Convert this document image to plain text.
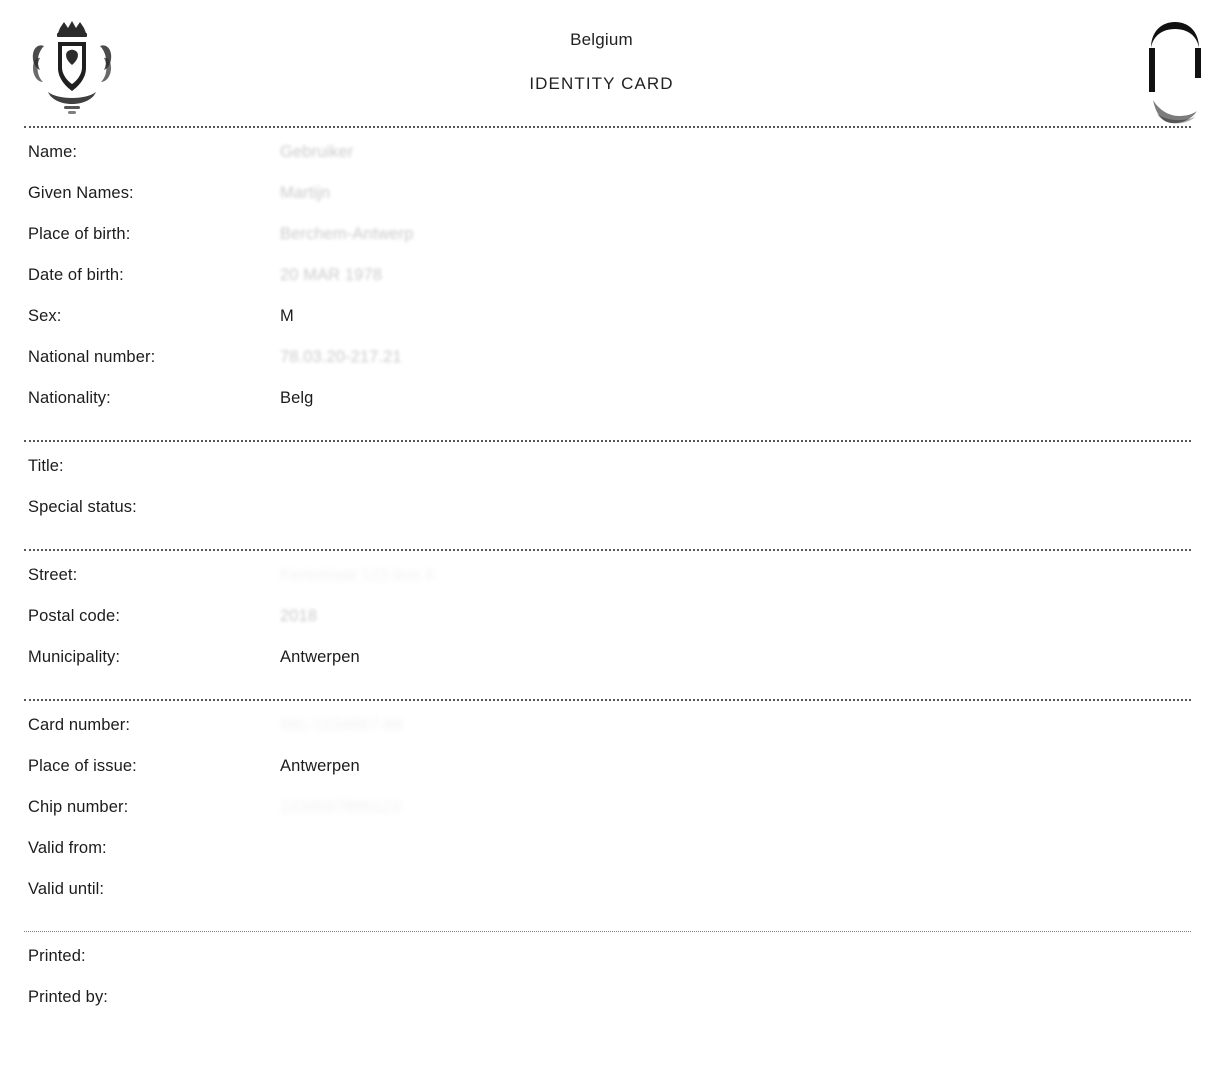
Belgium
IDENTITY CARD
Name:	Gebruiker
Given Names:	Martijn
Place of birth:	Berchem-Antwerp
Date of birth:	20 MAR 1978
Sex:	M
National number:	78.03.20-217.21
Nationality:	Belg
Title:
Special status:	.
Street:	Kerkstraat 123 bus 4
Postal code:	2018
Municipality:	Antwerpen
Card number:	591-1234567-89
Place of issue:	Antwerpen
Chip number:	1234567890123
Valid from:
Valid until:
Printed:
Printed by:	.
